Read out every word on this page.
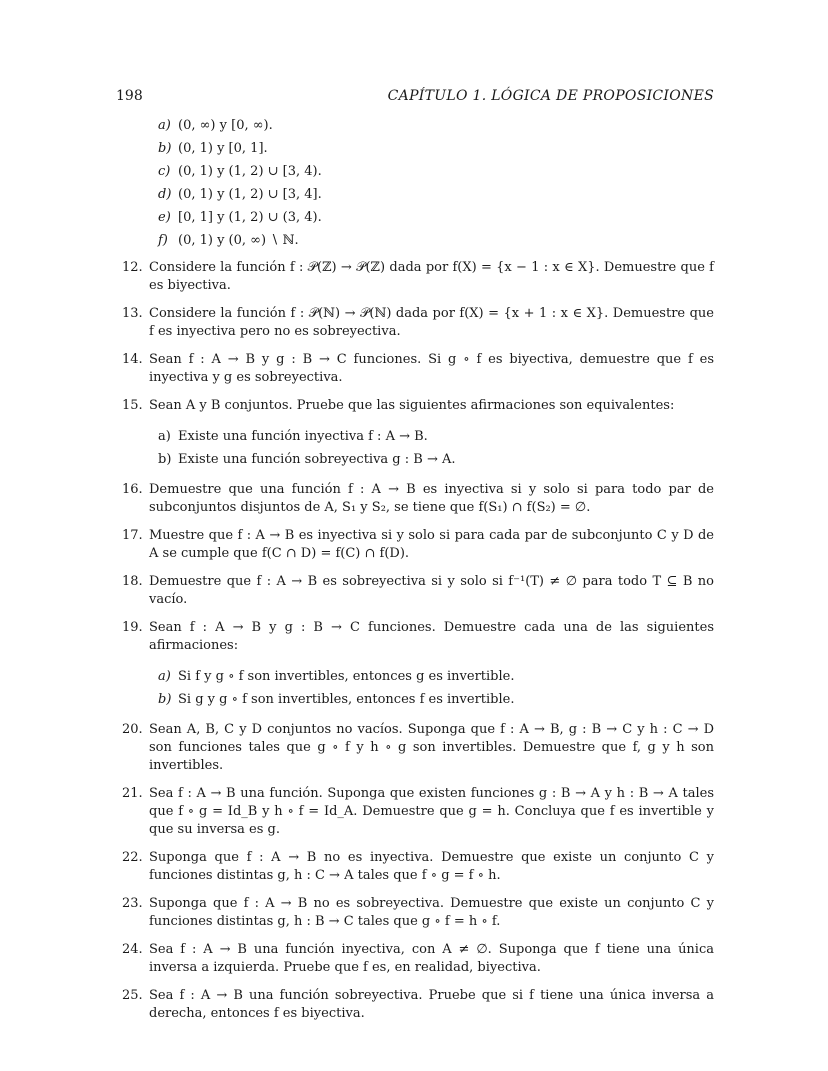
198	CAPÍTULO 1. LÓGICA DE PROPOSICIONES
a) (0, ∞) y [0, ∞).
b) (0, 1) y [0, 1].
c) (0, 1) y (1, 2) ∪ [3, 4).
d) (0, 1) y (1, 2) ∪ [3, 4].
e) [0, 1] y (1, 2) ∪ (3, 4).
f) (0, 1) y (0, ∞) ∖ ℕ.
12. Considere la función f : 𝒫(ℤ) → 𝒫(ℤ) dada por f(X) = {x − 1 : x ∈ X}. Demuestre que f es biyectiva.
13. Considere la función f : 𝒫(ℕ) → 𝒫(ℕ) dada por f(X) = {x + 1 : x ∈ X}. Demuestre que f es inyectiva pero no es sobreyectiva.
14. Sean f : A → B y g : B → C funciones. Si g ∘ f es biyectiva, demuestre que f es inyectiva y g es sobreyectiva.
15. Sean A y B conjuntos. Pruebe que las siguientes afirmaciones son equivalentes:
a) Existe una función inyectiva f : A → B.
b) Existe una función sobreyectiva g : B → A.
16. Demuestre que una función f : A → B es inyectiva si y solo si para todo par de subconjuntos disjuntos de A, S₁ y S₂, se tiene que f(S₁) ∩ f(S₂) = ∅.
17. Muestre que f : A → B es inyectiva si y solo si para cada par de subconjunto C y D de A se cumple que f(C ∩ D) = f(C) ∩ f(D).
18. Demuestre que f : A → B es sobreyectiva si y solo si f⁻¹(T) ≠ ∅ para todo T ⊆ B no vacío.
19. Sean f : A → B y g : B → C funciones. Demuestre cada una de las siguientes afirmaciones:
a) Si f y g ∘ f son invertibles, entonces g es invertible.
b) Si g y g ∘ f son invertibles, entonces f es invertible.
20. Sean A, B, C y D conjuntos no vacíos. Suponga que f : A → B, g : B → C y h : C → D son funciones tales que g ∘ f y h ∘ g son invertibles. Demuestre que f, g y h son invertibles.
21. Sea f : A → B una función. Suponga que existen funciones g : B → A y h : B → A tales que f ∘ g = Id_B y h ∘ f = Id_A. Demuestre que g = h. Concluya que f es invertible y que su inversa es g.
22. Suponga que f : A → B no es inyectiva. Demuestre que existe un conjunto C y funciones distintas g, h : C → A tales que f ∘ g = f ∘ h.
23. Suponga que f : A → B no es sobreyectiva. Demuestre que existe un conjunto C y funciones distintas g, h : B → C tales que g ∘ f = h ∘ f.
24. Sea f : A → B una función inyectiva, con A ≠ ∅. Suponga que f tiene una única inversa a izquierda. Pruebe que f es, en realidad, biyectiva.
25. Sea f : A → B una función sobreyectiva. Pruebe que si f tiene una única inversa a derecha, entonces f es biyectiva.
